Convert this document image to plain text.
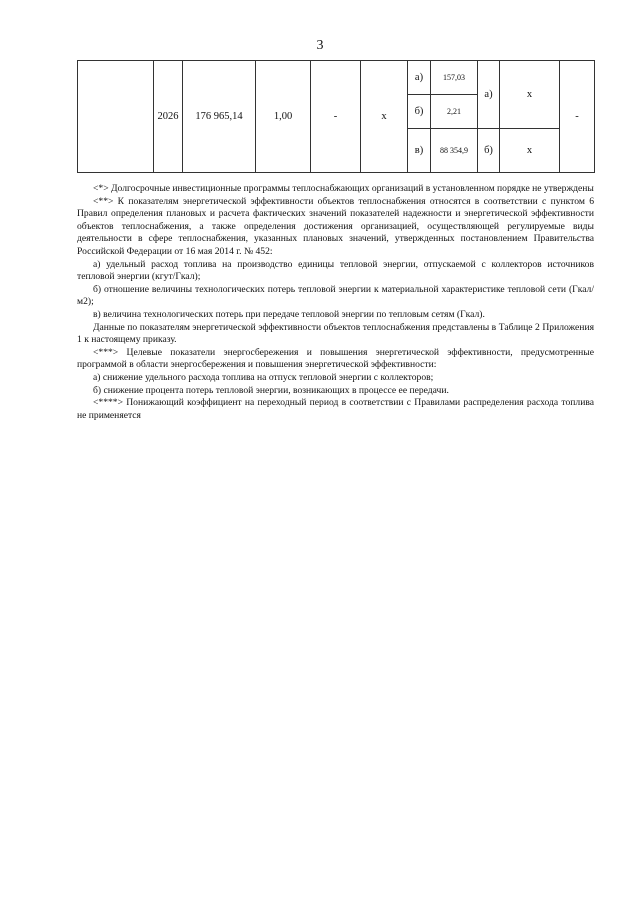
3
	2026	176 965,14	1,00	-	х	а)	157,03	а)	х	-
						б)	2,21			
						в)	88 354,9	б)	х	

<*> Долгосрочные инвестиционные программы теплоснабжающих организаций в установленном порядке не утверждены

<**> К показателям энергетической эффективности объектов теплоснабжения относятся в соответствии с пунктом 6 Правил определения плановых и расчета фактических значений показателей надежности и энергетической эффективности объектов теплоснабжения, а также определения достижения организацией, осуществляющей регулируемые виды деятельности в сфере теплоснабжения, указанных плановых значений, утвержденных постановлением Правительства Российской Федерации от 16 мая 2014 г. № 452:

а) удельный расход топлива на производство единицы тепловой энергии, отпускаемой с коллекторов источников тепловой энергии (кгут/Гкал);

б) отношение величины технологических потерь тепловой энергии к материальной характеристике тепловой сети (Гкал/м2);

в) величина технологических потерь при передаче тепловой энергии по тепловым сетям (Гкал).

Данные по показателям энергетической эффективности объектов теплоснабжения представлены в Таблице 2 Приложения 1 к настоящему приказу.

<***> Целевые показатели энергосбережения и повышения энергетической эффективности, предусмотренные программой в области энергосбережения и повышения энергетической эффективности:

а) снижение удельного расхода топлива на отпуск тепловой энергии с коллекторов;

б) снижение процента потерь тепловой энергии, возникающих в процессе ее передачи.

<****> Понижающий коэффициент на переходный период в соответствии с Правилами распределения расхода топлива не применяется
